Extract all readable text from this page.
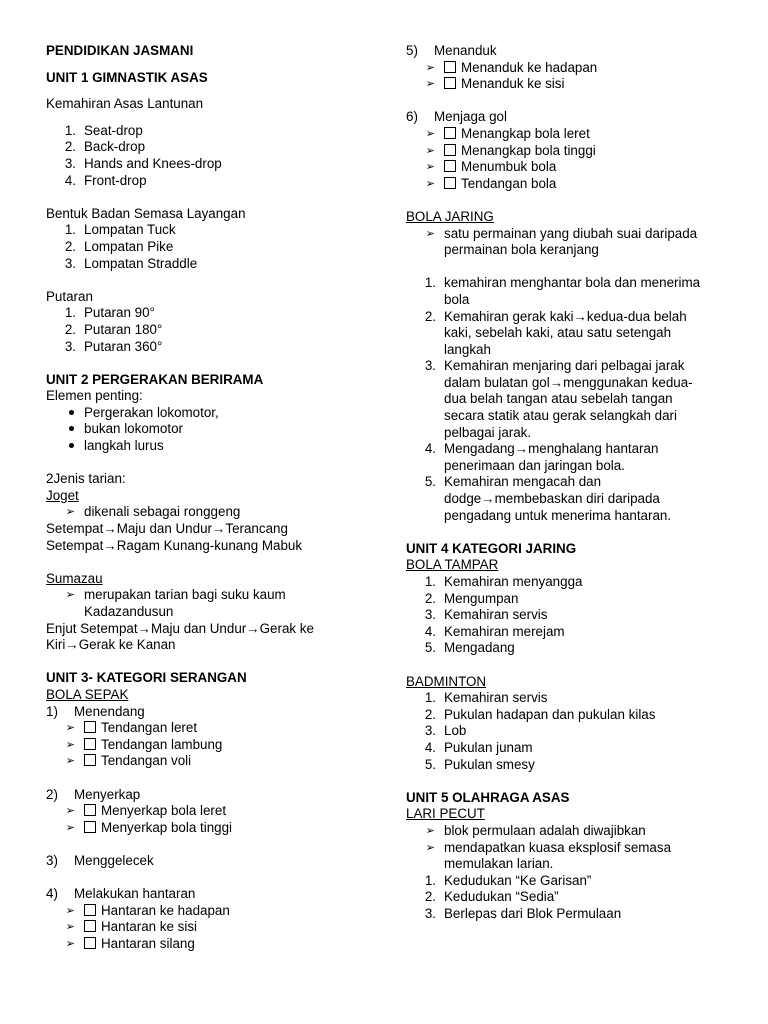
PENDIDIKAN JASMANI
UNIT 1 GIMNASTIK ASAS
Kemahiran Asas Lantunan
1. Seat-drop
2. Back-drop
3. Hands and Knees-drop
4. Front-drop
Bentuk Badan Semasa Layangan
1. Lompatan Tuck
2. Lompatan Pike
3. Lompatan Straddle
Putaran
1. Putaran 90°
2. Putaran 180°
3. Putaran 360°
UNIT 2 PERGERAKAN BERIRAMA
Elemen penting:
Pergerakan lokomotor,
bukan lokomotor
langkah lurus
2Jenis tarian:
Joget
➢ dikenali sebagai ronggeng
Setempat→Maju dan Undur→Terancang
Setempat→Ragam Kunang-kunang Mabuk
Sumazau
➢ merupakan tarian bagi suku kaum Kadazandusun
Enjut Setempat→Maju dan Undur→Gerak ke
Kiri→Gerak ke Kanan
UNIT 3- KATEGORI SERANGAN
BOLA SEPAK
1)	Menendang
➢	Tendangan leret
➢	Tendangan lambung
➢	Tendangan voli
2)	Menyerkap
➢	Menyerkap bola leret
➢	Menyerkap bola tinggi
3)	Menggelecek
4)	Melakukan hantaran
➢	Hantaran ke hadapan
➢	Hantaran ke sisi
➢	Hantaran silang
5)	Menanduk
➢	Menanduk ke hadapan
➢	Menanduk ke sisi
6)	Menjaga gol
➢	Menangkap bola leret
➢	Menangkap bola tinggi
➢	Menumbuk bola
➢	Tendangan bola
BOLA JARING
➢ satu permainan yang diubah suai daripada permainan bola keranjang
1. kemahiran menghantar bola dan menerima bola
2. Kemahiran gerak kaki→kedua-dua belah kaki, sebelah kaki, atau satu setengah langkah
3. Kemahiran menjaring dari pelbagai jarak dalam bulatan gol→menggunakan kedua-dua belah tangan atau sebelah tangan secara statik atau gerak selangkah dari pelbagai jarak.
4. Mengadang→menghalang hantaran penerimaan dan jaringan bola.
5. Kemahiran mengacah dan dodge→membebaskan diri daripada pengadang untuk menerima hantaran.
UNIT 4 KATEGORI JARING
BOLA TAMPAR
1. Kemahiran menyangga
2. Mengumpan
3. Kemahiran servis
4. Kemahiran merejam
5. Mengadang
BADMINTON
1. Kemahiran servis
2. Pukulan hadapan dan pukulan kilas
3. Lob
4. Pukulan junam
5. Pukulan smesy
UNIT 5 OLAHRAGA ASAS
LARI PECUT
➢ blok permulaan adalah diwajibkan
➢ mendapatkan kuasa eksplosif semasa memulakan larian.
1. Kedudukan “Ke Garisan”
2. Kedudukan “Sedia”
3. Berlepas dari Blok Permulaan
